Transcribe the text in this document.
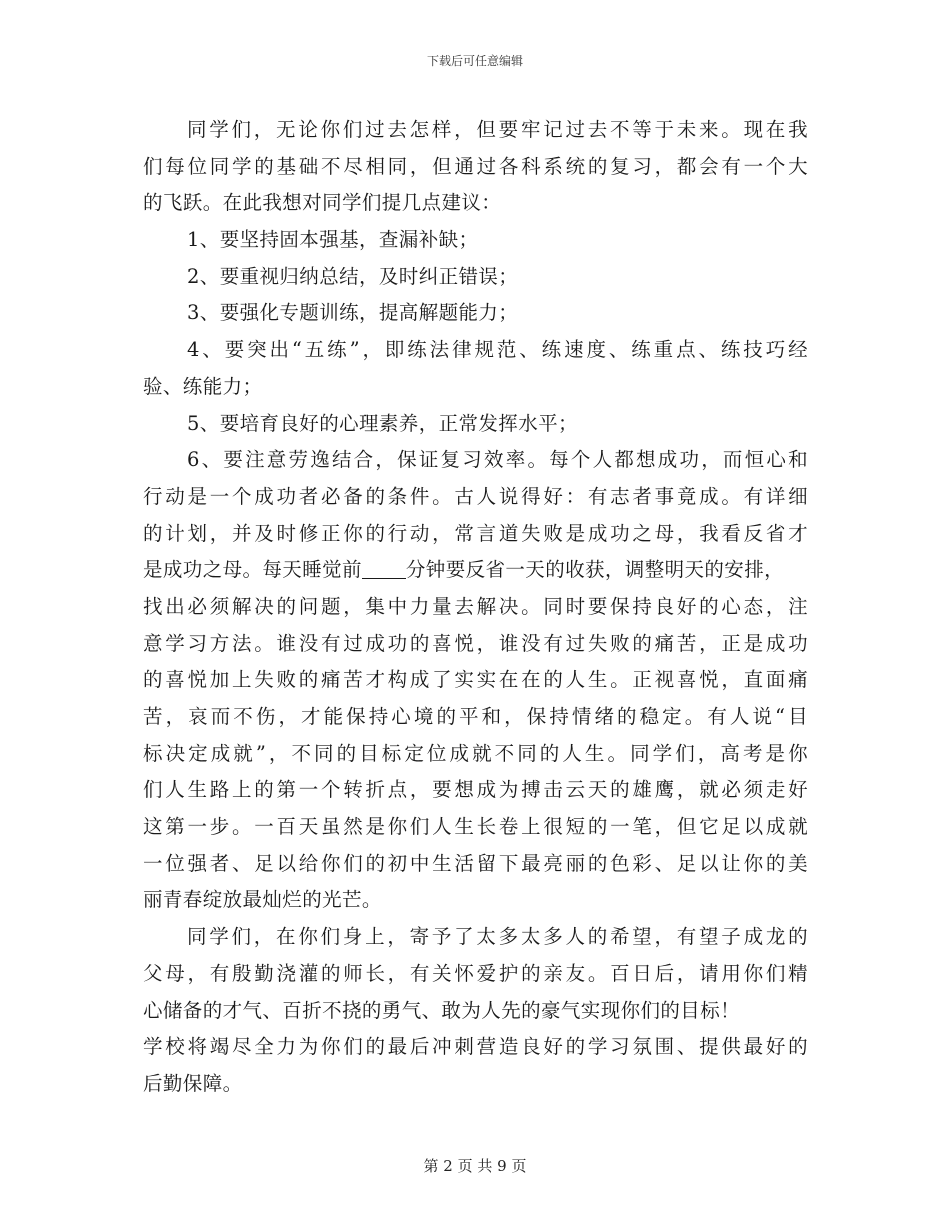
下载后可任意编辑
同学们，无论你们过去怎样，但要牢记过去不等于未来。现在我
们每位同学的基础不尽相同，但通过各科系统的复习，都会有一个大
的飞跃。在此我想对同学们提几点建议：
1、要坚持固本强基，查漏补缺；
2、要重视归纳总结，及时纠正错误；
3、要强化专题训练，提高解题能力；
4、要突出“五练”，即练法律规范、练速度、练重点、练技巧经
验、练能力；
5、要培育良好的心理素养，正常发挥水平；
6、要注意劳逸结合，保证复习效率。每个人都想成功，而恒心和
行动是一个成功者必备的条件。古人说得好：有志者事竟成。有详细
的计划，并及时修正你的行动，常言道失败是成功之母，我看反省才
是成功之母。每天睡觉前 分钟要反省一天的收获，调整明天的安排，
找出必须解决的问题，集中力量去解决。同时要保持良好的心态，注
意学习方法。谁没有过成功的喜悦，谁没有过失败的痛苦，正是成功
的喜悦加上失败的痛苦才构成了实实在在的人生。正视喜悦，直面痛
苦，哀而不伤，才能保持心境的平和，保持情绪的稳定。有人说“目
标决定成就”，不同的目标定位成就不同的人生。同学们，高考是你
们人生路上的第一个转折点，要想成为搏击云天的雄鹰，就必须走好
这第一步。一百天虽然是你们人生长卷上很短的一笔，但它足以成就
一位强者、足以给你们的初中生活留下最亮丽的色彩、足以让你的美
丽青春绽放最灿烂的光芒。
同学们，在你们身上，寄予了太多太多人的希望，有望子成龙的
父母，有殷勤浇灌的师长，有关怀爱护的亲友。百日后，请用你们精
心储备的才气、百折不挠的勇气、敢为人先的豪气实现你们的目标！
学校将竭尽全力为你们的最后冲刺营造良好的学习氛围、提供最好的
后勤保障。
第 2 页 共 9 页
